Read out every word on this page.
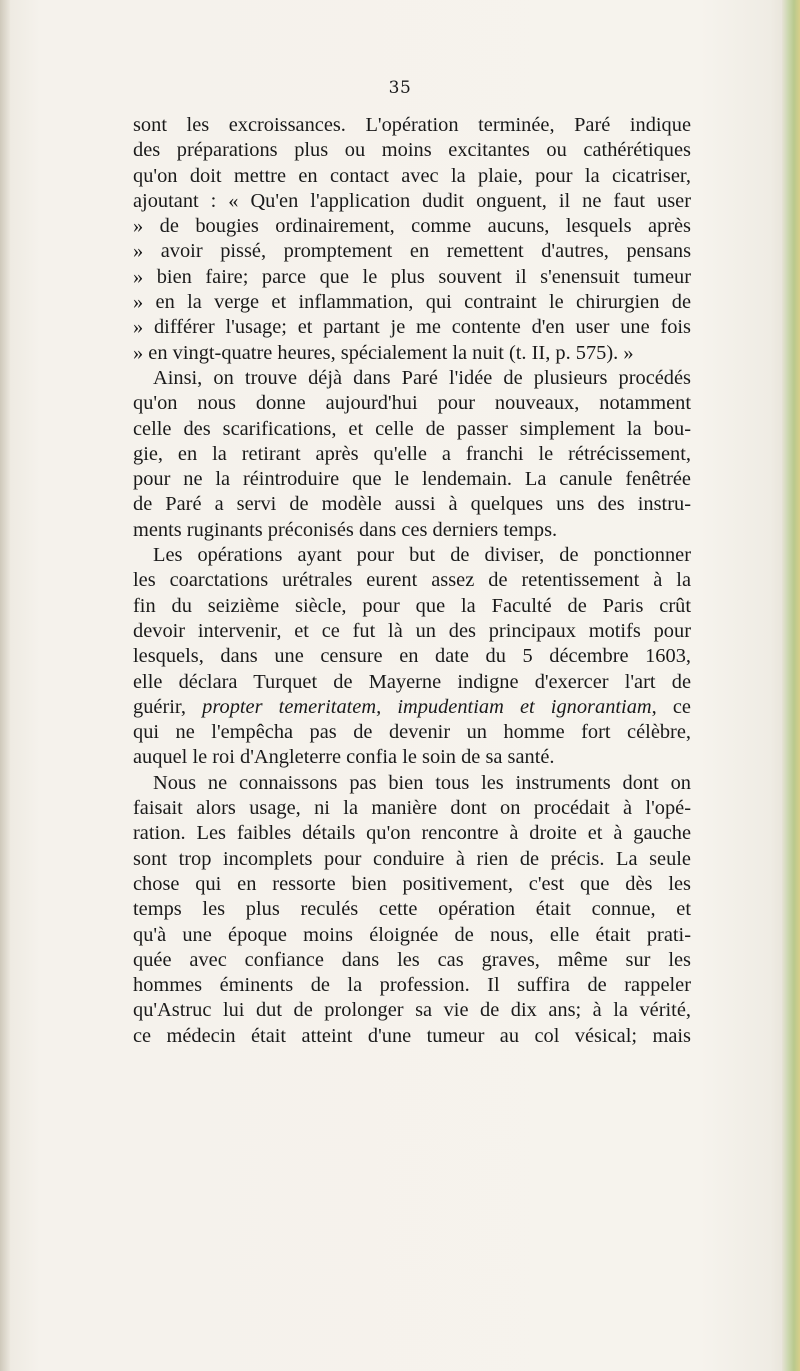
35
sont les excroissances. L'opération terminée, Paré indique
des préparations plus ou moins excitantes ou cathérétiques
qu'on doit mettre en contact avec la plaie, pour la cicatriser,
ajoutant : « Qu'en l'application dudit onguent, il ne faut user
» de bougies ordinairement, comme aucuns, lesquels après
» avoir pissé, promptement en remettent d'autres, pensans
» bien faire; parce que le plus souvent il s'enensuit tumeur
» en la verge et inflammation, qui contraint le chirurgien de
» différer l'usage; et partant je me contente d'en user une fois
» en vingt-quatre heures, spécialement la nuit (t. II, p. 575). »
Ainsi, on trouve déjà dans Paré l'idée de plusieurs procédés
qu'on nous donne aujourd'hui pour nouveaux, notamment
celle des scarifications, et celle de passer simplement la bou-
gie, en la retirant après qu'elle a franchi le rétrécissement,
pour ne la réintroduire que le lendemain. La canule fenêtrée
de Paré a servi de modèle aussi à quelques uns des instru-
ments ruginants préconisés dans ces derniers temps.
Les opérations ayant pour but de diviser, de ponctionner
les coarctations urétrales eurent assez de retentissement à la
fin du seizième siècle, pour que la Faculté de Paris crût
devoir intervenir, et ce fut là un des principaux motifs pour
lesquels, dans une censure en date du 5 décembre 1603,
elle déclara Turquet de Mayerne indigne d'exercer l'art de
guérir, propter temeritatem, impudentiam et ignorantiam, ce
qui ne l'empêcha pas de devenir un homme fort célèbre,
auquel le roi d'Angleterre confia le soin de sa santé.
Nous ne connaissons pas bien tous les instruments dont on
faisait alors usage, ni la manière dont on procédait à l'opé-
ration. Les faibles détails qu'on rencontre à droite et à gauche
sont trop incomplets pour conduire à rien de précis. La seule
chose qui en ressorte bien positivement, c'est que dès les
temps les plus reculés cette opération était connue, et
qu'à une époque moins éloignée de nous, elle était prati-
quée avec confiance dans les cas graves, même sur les
hommes éminents de la profession. Il suffira de rappeler
qu'Astruc lui dut de prolonger sa vie de dix ans; à la vérité,
ce médecin était atteint d'une tumeur au col vésical; mais
